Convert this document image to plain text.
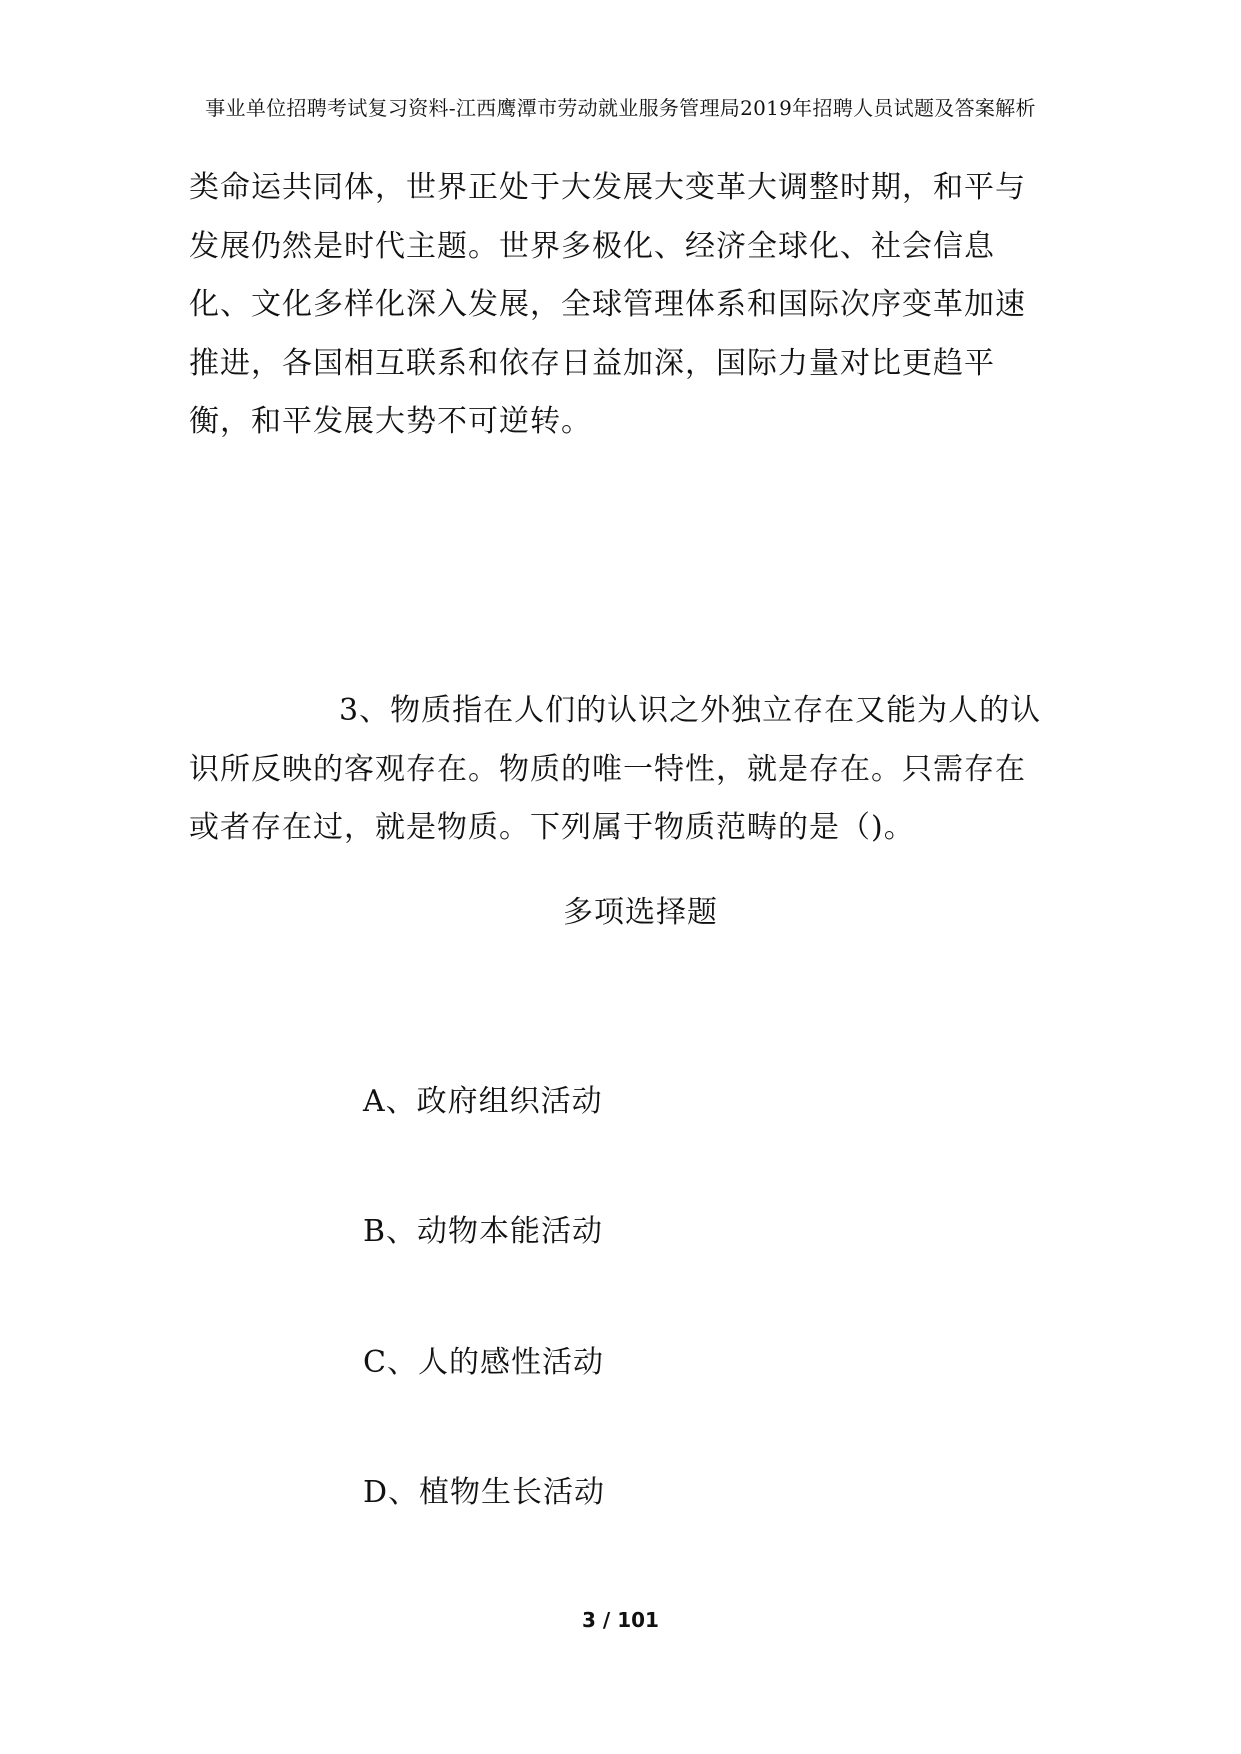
事业单位招聘考试复习资料-江西鹰潭市劳动就业服务管理局2019年招聘人员试题及答案解析

类命运共同体，世界正处于大发展大变革大调整时期，和平与发展仍然是时代主题。世界多极化、经济全球化、社会信息化、文化多样化深入发展，全球管理体系和国际次序变革加速推进，各国相互联系和依存日益加深，国际力量对比更趋平衡，和平发展大势不可逆转。

3、物质指在人们的认识之外独立存在又能为人的认识所反映的客观存在。物质的唯一特性，就是存在。只需存在或者存在过，就是物质。下列属于物质范畴的是（)。

多项选择题
A、政府组织活动
B、动物本能活动
C、人的感性活动
D、植物生长活动
3 / 101
